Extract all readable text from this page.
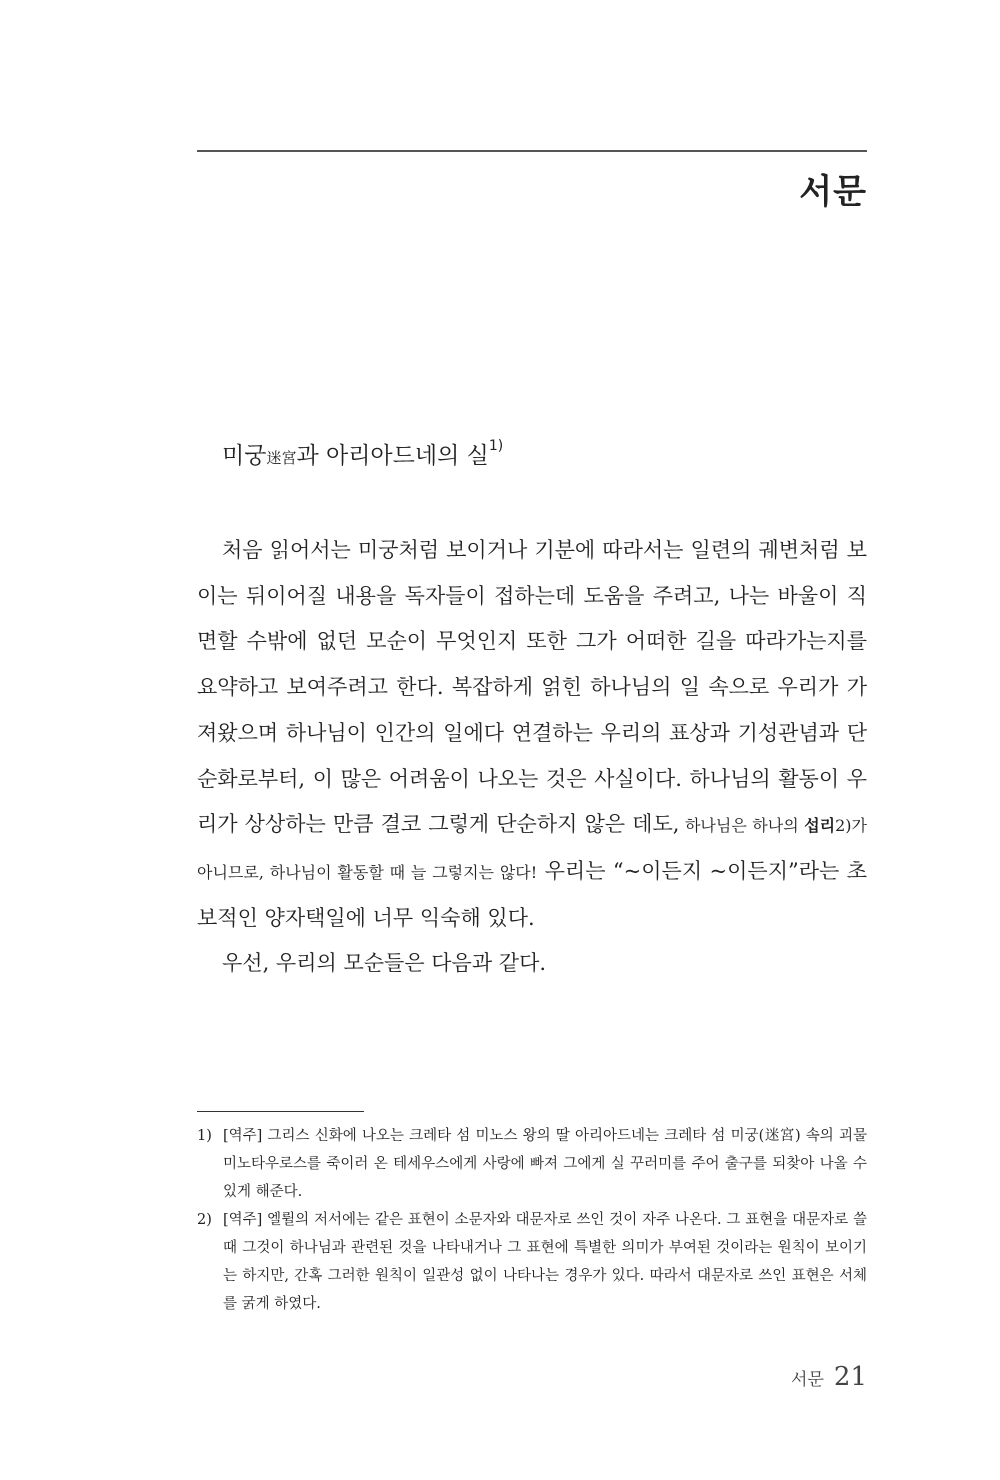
서문
미궁迷宮과 아리아드네의 실$^{1)}$

처음 읽어서는 미궁처럼 보이거나 기분에 따라서는 일련의 궤변처럼 보이는 뒤이어질 내용을 독자들이 접하는데 도움을 주려고, 나는 바울이 직면할 수밖에 없던 모순이 무엇인지 또한 그가 어떠한 길을 따라가는지를 요약하고 보여주려고 한다. 복잡하게 얽힌 하나님의 일 속으로 우리가 가져왔으며 하나님이 인간의 일에다 연결하는 우리의 표상과 기성관념과 단순화로부터, 이 많은 어려움이 나오는 것은 사실이다. 하나님의 활동이 우리가 상상하는 만큼 결코 그렇게 단순하지 않은 데도, 하나님은 하나의 섭리2)가 아니므로, 하나님이 활동할 때 늘 그렇지는 않다! 우리는 “~이든지 ~이든지”라는 초보적인 양자택일에 너무 익숙해 있다.

우선, 우리의 모순들은 다음과 같다.

1) [역주] 그리스 신화에 나오는 크레타 섬 미노스 왕의 딸 아리아드네는 크레타 섬 미궁(迷宮) 속의 괴물 미노타우로스를 죽이러 온 테세우스에게 사랑에 빠져 그에게 실 꾸러미를 주어 출구를 되찾아 나올 수 있게 해준다.
2) [역주] 엘륄의 저서에는 같은 표현이 소문자와 대문자로 쓰인 것이 자주 나온다. 그 표현을 대문자로 쓸 때 그것이 하나님과 관련된 것을 나타내거나 그 표현에 특별한 의미가 부여된 것이라는 원칙이 보이기는 하지만, 간혹 그러한 원칙이 일관성 없이 나타나는 경우가 있다. 따라서 대문자로 쓰인 표현은 서체를 굵게 하였다.
서문 21
